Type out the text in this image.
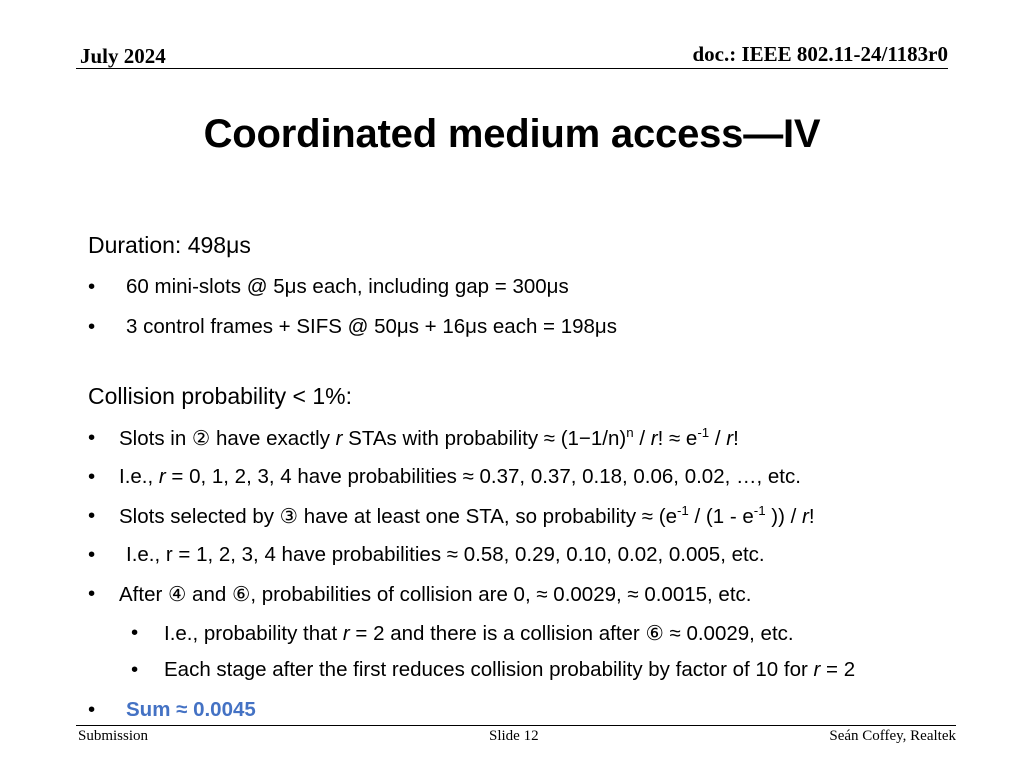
July 2024	doc.: IEEE 802.11-24/1183r0
Coordinated medium access—IV
Duration: 498μs
• 60 mini-slots @ 5μs each, including gap = 300μs
• 3 control frames + SIFS @ 50μs + 16μs each = 198μs
Collision probability < 1%:
• Slots in ② have exactly r STAs with probability ≈ $(1-1/n)^n / r$! ≈ $e^{-1}$ / r!
• I.e., r = 0, 1, 2, 3, 4 have probabilities ≈ 0.37, 0.37, 0.18, 0.06, 0.02, …, etc.
• Slots selected by ③ have at least one STA, so probability ≈ ($e^{-1} / (1 - e^{-1}$ )) / r!
• I.e., r = 1, 2, 3, 4 have probabilities ≈ 0.58, 0.29, 0.10, 0.02, 0.005, etc.
• After ④ and ⑥, probabilities of collision are 0, ≈ 0.0029, ≈ 0.0015, etc.
• I.e., probability that r = 2 and there is a collision after ⑥ ≈ 0.0029, etc.
• Each stage after the first reduces collision probability by factor of 10 for r = 2
• Sum ≈ 0.0045
Submission	Slide 12	Seán Coffey, Realtek
